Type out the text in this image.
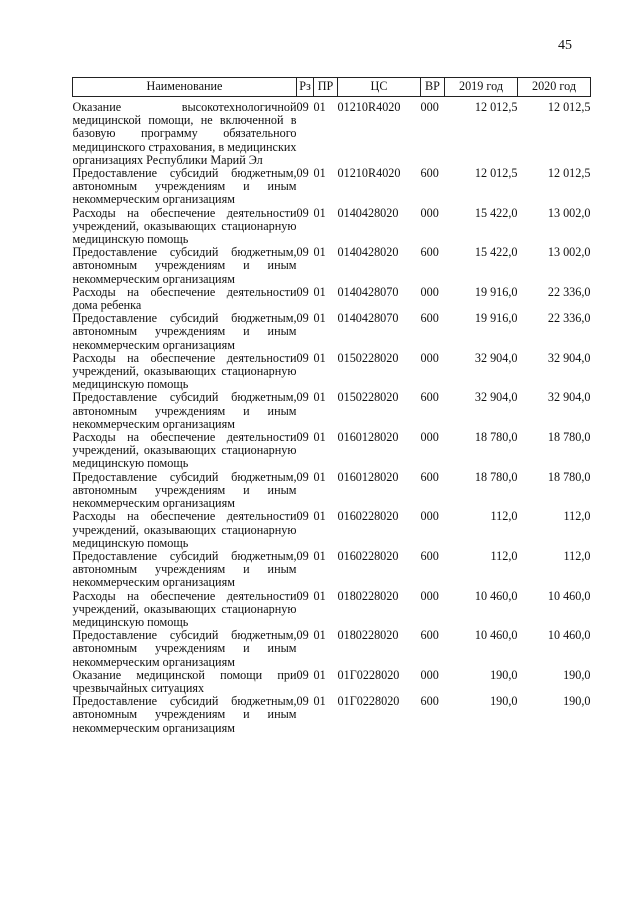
45
Наименование	Рз	ПР	ЦС	ВР	2019 год	2020 год
Оказание высокотехнологичной медицинской помощи, не включенной в базовую программу обязательного медицинского страхования, в медицинских организациях Республики Марий Эл	09	01	01210R4020	000	12 012,5	12 012,5
Предоставление субсидий бюджетным, автономным учреждениям и иным некоммерческим организациям	09	01	01210R4020	600	12 012,5	12 012,5
Расходы на обеспечение деятельности учреждений, оказывающих стационарную медицинскую помощь	09	01	0140428020	000	15 422,0	13 002,0
Предоставление субсидий бюджетным, автономным учреждениям и иным некоммерческим организациям	09	01	0140428020	600	15 422,0	13 002,0
Расходы на обеспечение деятельности дома ребенка	09	01	0140428070	000	19 916,0	22 336,0
Предоставление субсидий бюджетным, автономным учреждениям и иным некоммерческим организациям	09	01	0140428070	600	19 916,0	22 336,0
Расходы на обеспечение деятельности учреждений, оказывающих стационарную медицинскую помощь	09	01	0150228020	000	32 904,0	32 904,0
Предоставление субсидий бюджетным, автономным учреждениям и иным некоммерческим организациям	09	01	0150228020	600	32 904,0	32 904,0
Расходы на обеспечение деятельности учреждений, оказывающих стационарную медицинскую помощь	09	01	0160128020	000	18 780,0	18 780,0
Предоставление субсидий бюджетным, автономным учреждениям и иным некоммерческим организациям	09	01	0160128020	600	18 780,0	18 780,0
Расходы на обеспечение деятельности учреждений, оказывающих стационарную медицинскую помощь	09	01	0160228020	000	112,0	112,0
Предоставление субсидий бюджетным, автономным учреждениям и иным некоммерческим организациям	09	01	0160228020	600	112,0	112,0
Расходы на обеспечение деятельности учреждений, оказывающих стационарную медицинскую помощь	09	01	0180228020	000	10 460,0	10 460,0
Предоставление субсидий бюджетным, автономным учреждениям и иным некоммерческим организациям	09	01	0180228020	600	10 460,0	10 460,0
Оказание медицинской помощи при чрезвычайных ситуациях	09	01	01Г0228020	000	190,0	190,0
Предоставление субсидий бюджетным, автономным учреждениям и иным некоммерческим организациям	09	01	01Г0228020	600	190,0	190,0
